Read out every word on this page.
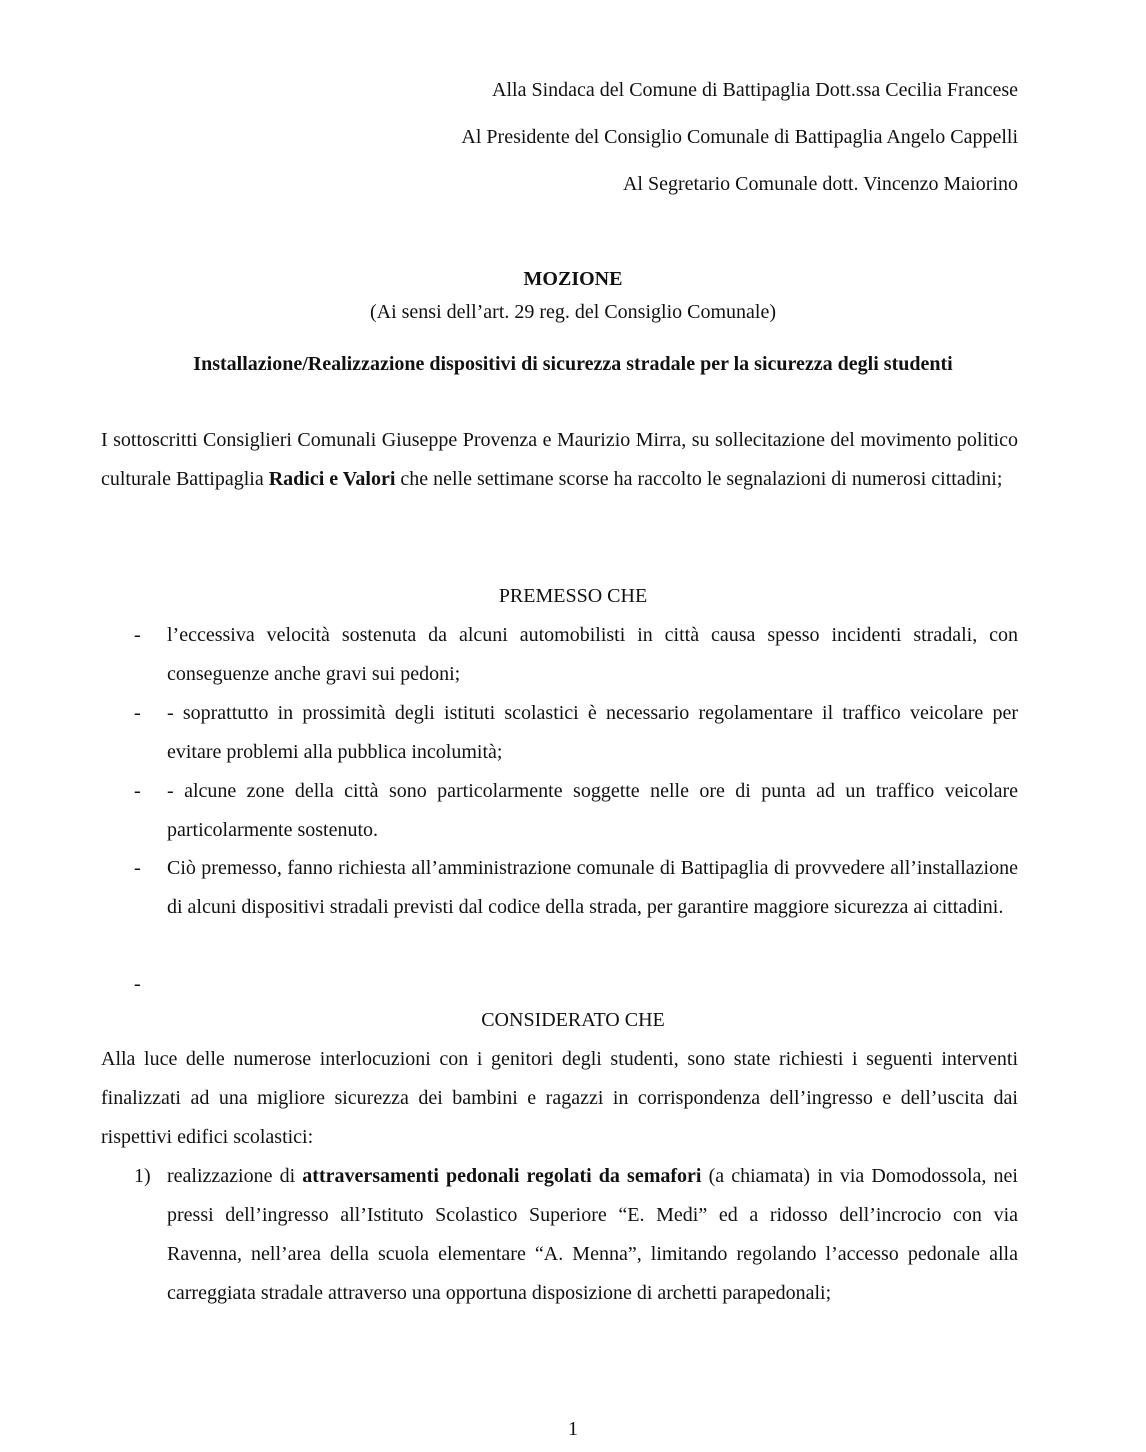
Alla Sindaca del Comune di Battipaglia Dott.ssa Cecilia Francese
Al Presidente del Consiglio Comunale di Battipaglia Angelo Cappelli
Al Segretario Comunale dott. Vincenzo Maiorino
MOZIONE
(Ai sensi dell’art. 29 reg. del Consiglio Comunale)
Installazione/Realizzazione dispositivi di sicurezza stradale per la sicurezza degli studenti
I sottoscritti Consiglieri Comunali Giuseppe Provenza e Maurizio Mirra, su sollecitazione del movimento politico culturale Battipaglia Radici e Valori che nelle settimane scorse ha raccolto le segnalazioni di numerosi cittadini;
PREMESSO CHE
- l’eccessiva velocità sostenuta da alcuni automobilisti in città causa spesso incidenti stradali, con conseguenze anche gravi sui pedoni;
- - soprattutto in prossimità degli istituti scolastici è necessario regolamentare il traffico veicolare per evitare problemi alla pubblica incolumità;
- - alcune zone della città sono particolarmente soggette nelle ore di punta ad un traffico veicolare particolarmente sostenuto.
- Ciò premesso, fanno richiesta all’amministrazione comunale di Battipaglia di provvedere all’installazione di alcuni dispositivi stradali previsti dal codice della strada, per garantire maggiore sicurezza ai cittadini.
-
CONSIDERATO CHE
Alla luce delle numerose interlocuzioni con i genitori degli studenti, sono state richiesti i seguenti interventi finalizzati ad una migliore sicurezza dei bambini e ragazzi in corrispondenza dell’ingresso e dell’uscita dai rispettivi edifici scolastici:
1) realizzazione di attraversamenti pedonali regolati da semafori (a chiamata) in via Domodossola, nei pressi dell’ingresso all’Istituto Scolastico Superiore “E. Medi” ed a ridosso dell’incrocio con via Ravenna, nell’area della scuola elementare “A. Menna”, limitando regolando l’accesso pedonale alla carreggiata stradale attraverso una opportuna disposizione di archetti parapedonali;
1
